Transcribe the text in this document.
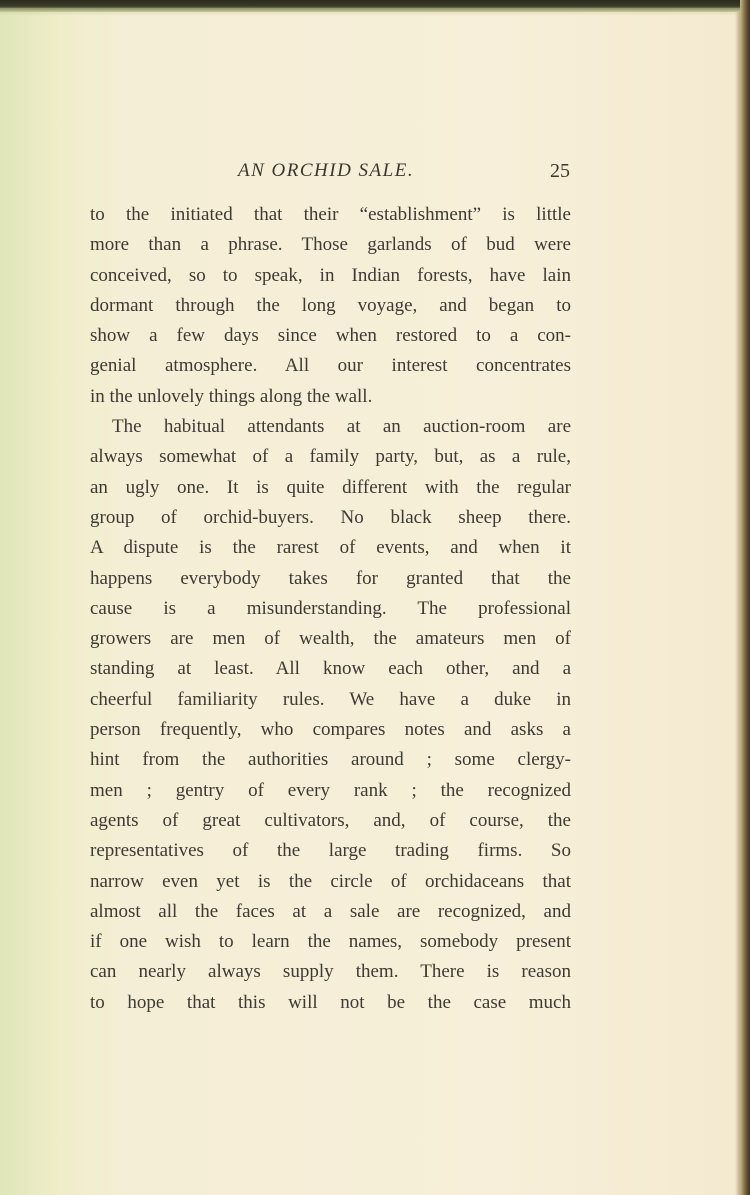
AN ORCHID SALE.	25
to the initiated that their “establishment” is little
more than a phrase. Those garlands of bud were
conceived, so to speak, in Indian forests, have lain
dormant through the long voyage, and began to
show a few days since when restored to a con-
genial atmosphere. All our interest concentrates
in the unlovely things along the wall.
The habitual attendants at an auction-room are
always somewhat of a family party, but, as a rule,
an ugly one. It is quite different with the regular
group of orchid-buyers. No black sheep there.
A dispute is the rarest of events, and when it
happens everybody takes for granted that the
cause is a misunderstanding. The professional
growers are men of wealth, the amateurs men of
standing at least. All know each other, and a
cheerful familiarity rules. We have a duke in
person frequently, who compares notes and asks a
hint from the authorities around ; some clergy-
men ; gentry of every rank ; the recognized
agents of great cultivators, and, of course, the
representatives of the large trading firms. So
narrow even yet is the circle of orchidaceans that
almost all the faces at a sale are recognized, and
if one wish to learn the names, somebody present
can nearly always supply them. There is reason
to hope that this will not be the case much
